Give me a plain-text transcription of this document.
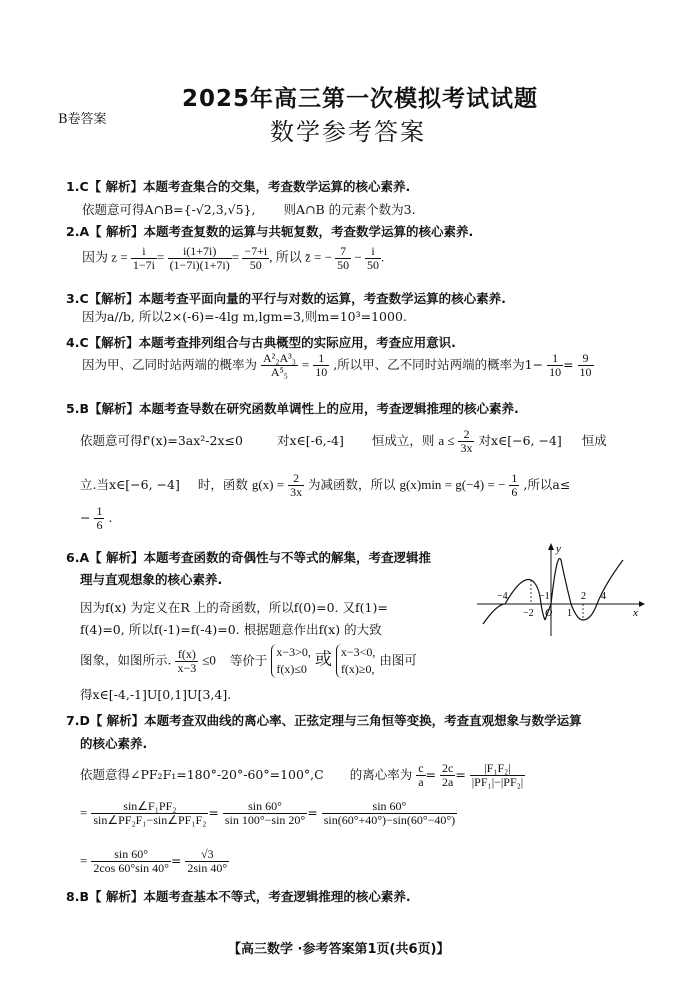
2025年高三第一次模拟考试试题
B卷答案	数学参考答案
1.C【 解析】本题考查集合的交集，考查数学运算的核心素养.
依题意可得A∩B={-√2,3,√5}, 则A∩B 的元素个数为3.
2.A【 解析】本题考查复数的运算与共轭复数，考查数学运算的核心素养.
因为 $z = \frac{i}{1-7i} = \frac{i(1+7i)}{(1-7i)(1+7i)} = \frac{-7+i}{50}$ , 所以 z̄ = − $\frac{7}{50} - \frac{i}{50}$ .
3.C【解析】本题考查平面向量的平行与对数的运算，考查数学运算的核心素养.
因为a//b, 所以2×(-6)=-4lg m,lgm=3,则m=10³=1000.
4.C【解析】本题考查排列组合与古典概型的实际应用，考查应用意识.
因为甲、乙同时站两端的概率为 $\frac{\text{A²₂A³₃}}{\text{A⁵₅}} = \frac{1}{10}$ ,所以甲、乙不同时站两端的概率为$1- \frac{1}{10} = \frac{9}{10}$
5.B【解析】本题考查导数在研究函数单调性上的应用，考查逻辑推理的核心素养.
依题意可得f'(x)=3ax²-2x≤0	对x∈[-6,-4] 恒成立，则 $a \le \frac{2}{3x}$ 对x∈[−6, −4] 恒成
立.当x∈[−6, −4] 时，函数 $g(x) = \frac{2}{3x}$ 为减函数，所以 g(x)min = g(−4) = − $\frac{1}{6}$ ,所以a≤
− $\frac{1}{6}$ .
6.A【 解析】本题考查函数的奇偶性与不等式的解集，考查逻辑推
理与直观想象的核心素养.
因为f(x) 为定义在R 上的奇函数，所以f(0)=0. 又f(1)=
f(4)=0, 所以f(-1)=f(-4)=0. 根据题意作出f(x) 的大致
图象，如图所示. $\frac{f(x)}{x-3} \le 0$ 等价于
x−3>0,
f(x)≤0 或 x−3<0,
f(x)≥0,
由图可
得x∈[-4,-1]U[0,1]U[3,4].
y
x
−4	−1
−2 O 1
2 4
7.D【 解析】本题考查双曲线的离心率、正弦定理与三角恒等变换，考查直观想象与数学运算
的核心素养.
依题意得∠PF₂F₁=180°-20°-60°=100°,C 的离心率为 $\frac{c}{a} = \frac{2c}{2a} = \frac{\text{|F₁F₂|}}{\text{|PF₁|−|PF₂|}}$
= $\frac{\text{sin∠F₁PF₂}}{\text{sin∠PF₂F₁−sin∠PF₁F₂}} = \frac{\sin 60^\circ}{\sin 100^\circ-\sin 20^\circ} = \frac{\sin 60^\circ}{\sin(60^\circ+40^\circ)-\sin(60^\circ-40^\circ)}$
= $\frac{\sin 60^\circ}{2\cos 60^\circ\sin 40^\circ} = \frac{√3}{2\sin 40^\circ}$
8.B【 解析】本题考查基本不等式，考查逻辑推理的核心素养.
【高三数学 ·参考答案第1页(共6页)】
